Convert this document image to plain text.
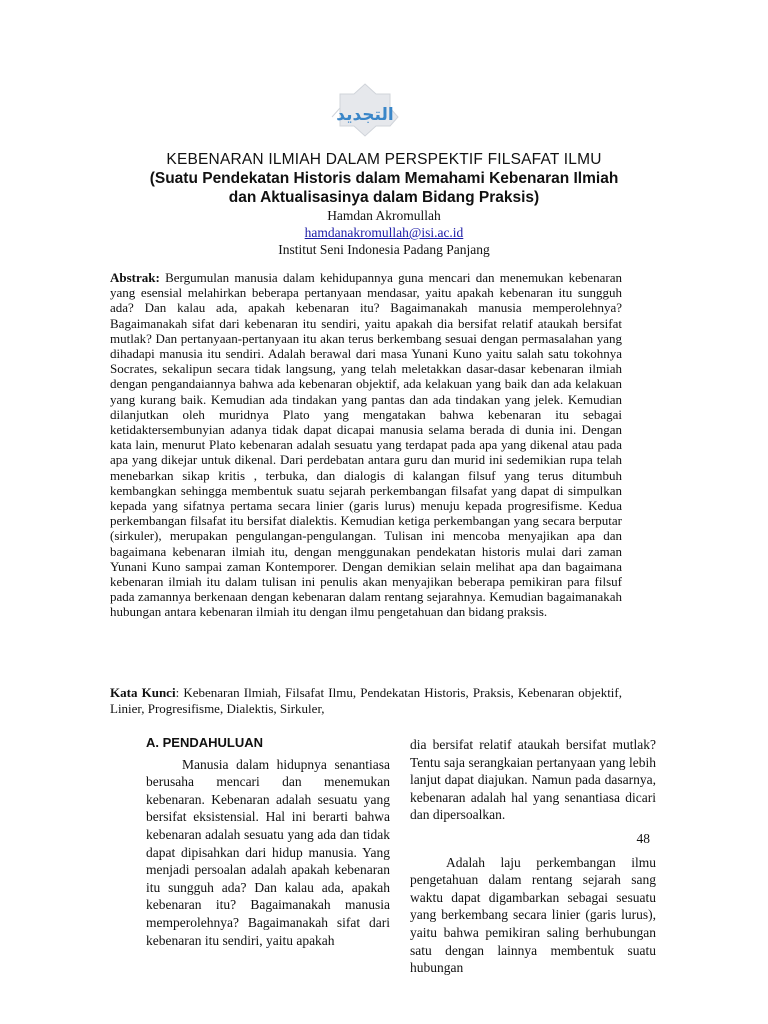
التجديد
KEBENARAN ILMIAH DALAM PERSPEKTIF FILSAFAT ILMU
(Suatu Pendekatan Historis dalam Memahami Kebenaran Ilmiah
dan Aktualisasinya dalam Bidang Praksis)
Hamdan Akromullah
hamdanakromullah@isi.ac.id
Institut Seni Indonesia Padang Panjang
Abstrak: Bergumulan manusia dalam kehidupannya guna mencari dan menemukan kebenaran yang esensial melahirkan beberapa pertanyaan mendasar, yaitu apakah kebenaran itu sungguh ada? Dan kalau ada, apakah kebenaran itu? Bagaimanakah manusia memperolehnya? Bagaimanakah sifat dari kebenaran itu sendiri, yaitu apakah dia bersifat relatif ataukah bersifat mutlak? Dan pertanyaan-pertanyaan itu akan terus berkembang sesuai dengan permasalahan yang dihadapi manusia itu sendiri. Adalah berawal dari masa Yunani Kuno yaitu salah satu tokohnya Socrates, sekalipun secara tidak langsung, yang telah meletakkan dasar-dasar kebenaran ilmiah dengan pengandaiannya bahwa ada kebenaran objektif, ada kelakuan yang baik dan ada kelakuan yang kurang baik. Kemudian ada tindakan yang pantas dan ada tindakan yang jelek. Kemudian dilanjutkan oleh muridnya Plato yang mengatakan bahwa kebenaran itu sebagai ketidaktersembunyian adanya tidak dapat dicapai manusia selama berada di dunia ini. Dengan kata lain, menurut Plato kebenaran adalah sesuatu yang terdapat pada apa yang dikenal atau pada apa yang dikejar untuk dikenal. Dari perdebatan antara guru dan murid ini sedemikian rupa telah menebarkan sikap kritis , terbuka, dan dialogis di kalangan filsuf yang terus ditumbuh kembangkan sehingga membentuk suatu sejarah perkembangan filsafat yang dapat di simpulkan kepada yang sifatnya pertama secara linier (garis lurus) menuju kepada progresifisme. Kedua perkembangan filsafat itu bersifat dialektis. Kemudian ketiga perkembangan yang secara berputar (sirkuler), merupakan pengulangan-pengulangan. Tulisan ini mencoba menyajikan apa dan bagaimana kebenaran ilmiah itu, dengan menggunakan pendekatan historis mulai dari zaman Yunani Kuno sampai zaman Kontemporer. Dengan demikian selain melihat apa dan bagaimana kebenaran ilmiah itu dalam tulisan ini penulis akan menyajikan beberapa pemikiran para filsuf pada zamannya berkenaan dengan kebenaran dalam rentang sejarahnya. Kemudian bagaimanakah hubungan antara kebenaran ilmiah itu dengan ilmu pengetahuan dan bidang praksis.
Kata Kunci: Kebenaran Ilmiah, Filsafat Ilmu, Pendekatan Historis, Praksis, Kebenaran objektif, Linier, Progresifisme, Dialektis, Sirkuler,
A. PENDAHULUAN

Manusia dalam hidupnya senantiasa berusaha mencari dan menemukan kebenaran. Kebenaran adalah sesuatu yang bersifat eksistensial. Hal ini berarti bahwa kebenaran adalah sesuatu yang ada dan tidak dapat dipisahkan dari hidup manusia. Yang menjadi persoalan adalah apakah kebenaran itu sungguh ada? Dan kalau ada, apakah kebenaran itu? Bagaimanakah manusia memperolehnya? Bagaimanakah sifat dari kebenaran itu sendiri, yaitu apakah

dia bersifat relatif ataukah bersifat mutlak? Tentu saja serangkaian pertanyaan yang lebih lanjut dapat diajukan. Namun pada dasarnya, kebenaran adalah hal yang senantiasa dicari dan dipersoalkan.

48

Adalah laju perkembangan ilmu pengetahuan dalam rentang sejarah sang waktu dapat digambarkan sebagai sesuatu yang berkembang secara linier (garis lurus), yaitu bahwa pemikiran saling berhubungan satu dengan lainnya membentuk suatu hubungan
